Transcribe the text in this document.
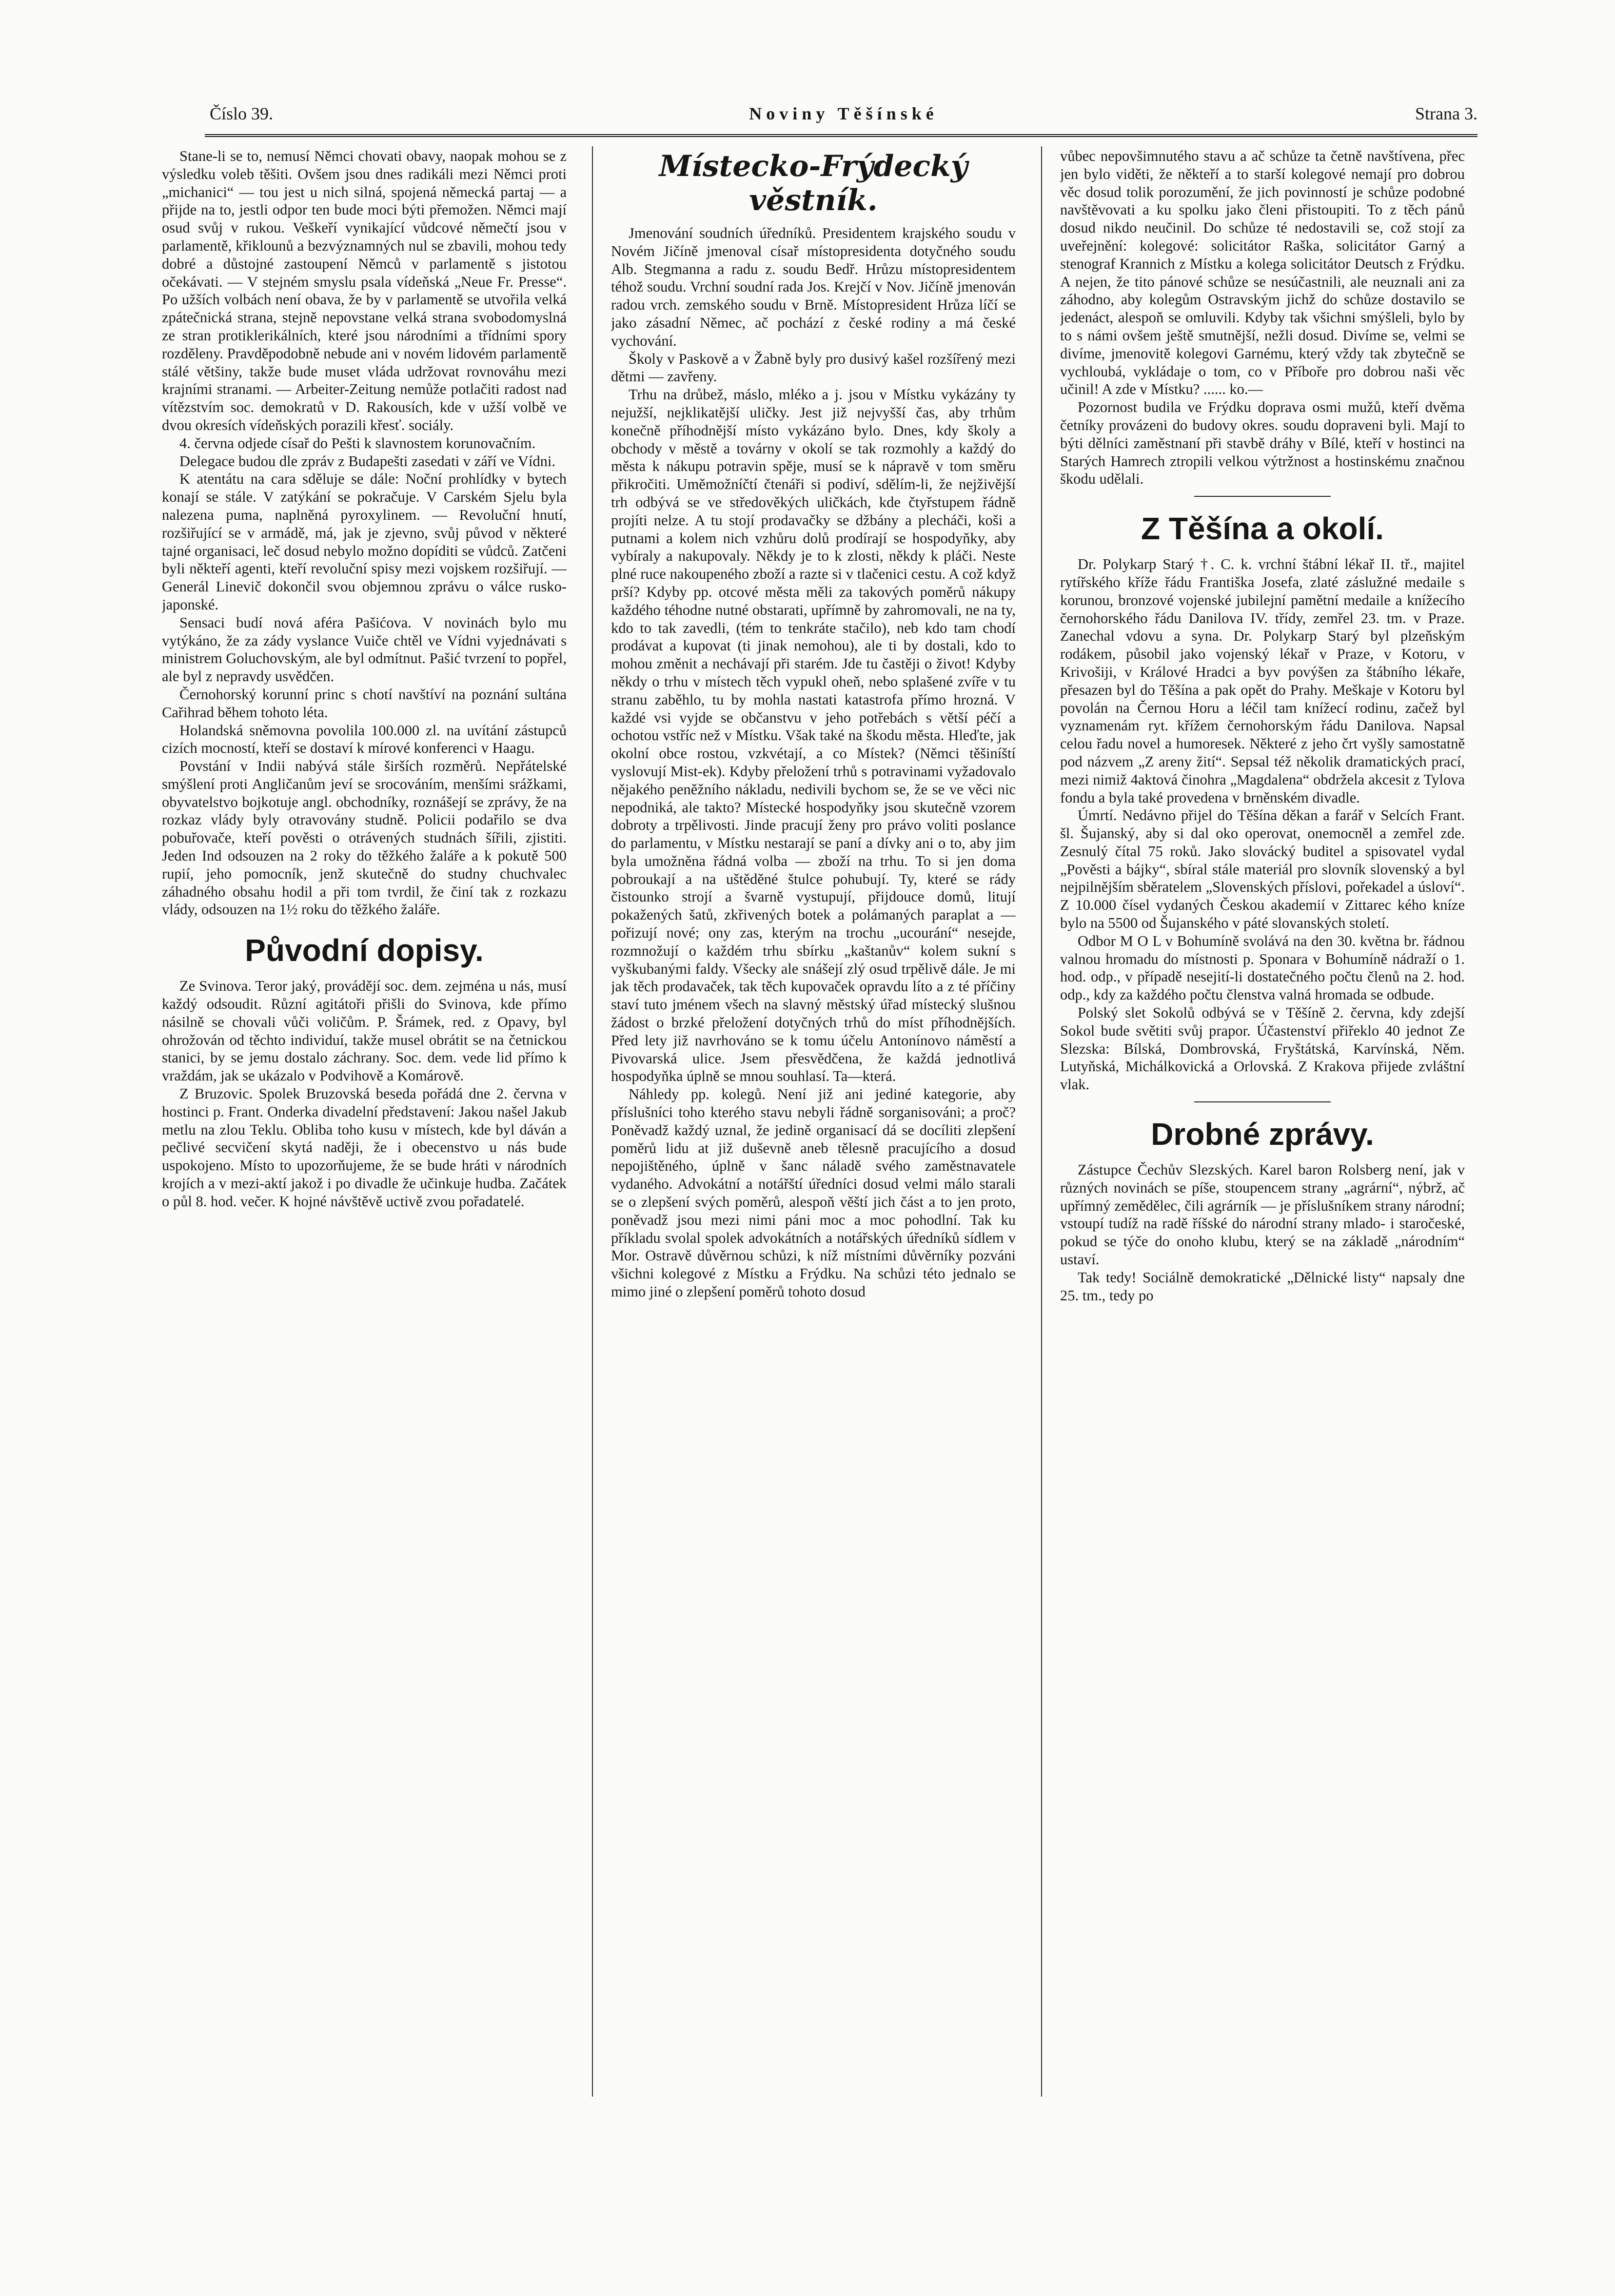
Číslo 39.	Noviny Těšínské	Strana 3.

Stane-li se to, nemusí Němci chovati obavy, naopak mohou se z výsledku voleb těšiti. Ovšem jsou dnes radikáli mezi Němci proti „michanici“ — tou jest u nich silná, spojená německá partaj — a přijde na to, jestli odpor ten bude moci býti přemožen. Němci mají osud svůj v rukou. Veškeří vynikající vůdcové němečtí jsou v parlamentě, křiklounů a bezvýznamných nul se zbavili, mohou tedy dobré a důstojné zastoupení Němců v parlamentě s jistotou očekávati. — V stejném smyslu psala vídeňská „Neue Fr. Presse“. Po užších volbách není obava, že by v parlamentě se utvořila velká zpátečnická strana, stejně nepovstane velká strana svobodomyslná ze stran protiklerikálních, které jsou národními a třídními spory rozděleny. Pravděpodobně nebude ani v novém lidovém parlamentě stálé většiny, takže bude muset vláda udržovat rovnováhu mezi krajními stranami. — Arbeiter-Zeitung nemůže potlačiti radost nad vítězstvím soc. demokratů v D. Rakousích, kde v užší volbě ve dvou okresích vídeňských porazili křesť. sociály.

4. června odjede císař do Pešti k slavnostem korunovačním.

Delegace budou dle zpráv z Budapešti zasedati v září ve Vídni.

K atentátu na cara sděluje se dále: Noční prohlídky v bytech konají se stále. V zatýkání se pokračuje. V Carském Sjelu byla nalezena puma, naplněná pyroxylinem. — Revoluční hnutí, rozšiřující se v armádě, má, jak je zjevno, svůj původ v některé tajné organisaci, leč dosud nebylo možno dopíditi se vůdců. Zatčeni byli někteří agenti, kteří revoluční spisy mezi vojskem rozšiřují. — Generál Linevič dokončil svou objemnou zprávu o válce rusko-japonské.

Sensaci budí nová aféra Pašićova. V novinách bylo mu vytýkáno, že za zády vyslance Vuiče chtěl ve Vídni vyjednávati s ministrem Goluchovským, ale byl odmítnut. Pašić tvrzení to popřel, ale byl z nepravdy usvědčen.

Černohorský korunní princ s chotí navštíví na poznání sultána Cařihrad během tohoto léta.

Holandská sněmovna povolila 100.000 zl. na uvítání zástupců cizích mocností, kteří se dostaví k mírové konferenci v Haagu.

Povstání v Indii nabývá stále širších rozměrů. Nepřátelské smýšlení proti Angličanům jeví se srocováním, menšími srážkami, obyvatelstvo bojkotuje angl. obchodníky, roznášejí se zprávy, že na rozkaz vlády byly otravovány studně. Policii podařilo se dva pobuřovače, kteří pověsti o otrávených studnách šířili, zjistiti. Jeden Ind odsouzen na 2 roky do těžkého žaláře a k pokutě 500 rupií, jeho pomocník, jenž skutečně do studny chuchvalec záhadného obsahu hodil a při tom tvrdil, že činí tak z rozkazu vlády, odsouzen na 1½ roku do těžkého žaláře.

Původní dopisy.

Ze Svinova. Teror jaký, provádějí soc. dem. zejména u nás, musí každý odsoudit. Různí agitátoři přišli do Svinova, kde přímo násilně se chovali vůči voličům. P. Šrámek, red. z Opavy, byl ohrožován od těchto individuí, takže musel obrátit se na četnickou stanici, by se jemu dostalo záchrany. Soc. dem. vede lid přímo k vraždám, jak se ukázalo v Podvihově a Komárově.

Z Bruzovic. Spolek Bruzovská beseda pořádá dne 2. června v hostinci p. Frant. Onderka divadelní představení: Jakou našel Jakub metlu na zlou Teklu. Obliba toho kusu v místech, kde byl dáván a pečlivé secvičení skytá naději, že i obecenstvo u nás bude uspokojeno. Místo to upozorňujeme, že se bude hráti v národních krojích a v mezi-aktí jakož i po divadle že učinkuje hudba. Začátek o půl 8. hod. večer. K hojné návštěvě uctivě zvou pořadatelé.

Místecko-Frýdecký věstník.

Jmenování soudních úředníků. Presidentem krajského soudu v Novém Jičíně jmenoval císař místopresidenta dotyčného soudu Alb. Stegmanna a radu z. soudu Bedř. Hrůzu místopresidentem téhož soudu. Vrchní soudní rada Jos. Krejčí v Nov. Jičíně jmenován radou vrch. zemského soudu v Brně. Místopresident Hrůza líčí se jako zásadní Němec, ač pochází z české rodiny a má české vychování.

Školy v Paskově a v Žabně byly pro dusivý kašel rozšířený mezi dětmi — zavřeny.

Trhu na drůbež, máslo, mléko a j. jsou v Místku vykázány ty nejužší, nejklikatější uličky. Jest již nejvyšší čas, aby trhům konečně příhodnější místo vykázáno bylo. Dnes, kdy školy a obchody v městě a továrny v okolí se tak rozmohly a každý do města k nákupu potravin spěje, musí se k nápravě v tom směru přikročiti. Uměmožníčtí čtenáři si podiví, sdělím-li, že nejživější trh odbývá se ve středověkých uličkách, kde čtyřstupem řádně projíti nelze. A tu stojí prodavačky se džbány a plecháči, koši a putnami a kolem nich vzhůru dolů prodírají se hospodyňky, aby vybíraly a nakupovaly. Někdy je to k zlosti, někdy k pláči. Neste plné ruce nakoupeného zboží a razte si v tlačenici cestu. A což když prší? Kdyby pp. otcové města měli za takových poměrů nákupy každého téhodne nutné obstarati, upřímně by zahromovali, ne na ty, kdo to tak zavedli, (tém to tenkráte stačilo), neb kdo tam chodí prodávat a kupovat (ti jinak nemohou), ale ti by dostali, kdo to mohou změnit a nechávají při starém. Jde tu častěji o život! Kdyby někdy o trhu v místech těch vypukl oheň, nebo splašené zvíře v tu stranu zaběhlo, tu by mohla nastati katastrofa přímo hrozná. V každé vsi vyjde se občanstvu v jeho potřebách s větší péčí a ochotou vstříc než v Místku. Však také na škodu města. Hleďte, jak okolní obce rostou, vzkvétají, a co Místek? (Němci těšiníští vyslovují Mist-ek). Kdyby přeložení trhů s potravinami vyžadovalo nějakého peněžního nákladu, nedivili bychom se, že se ve věci nic nepodniká, ale takto? Místecké hospodyňky jsou skutečně vzorem dobroty a trpělivosti. Jinde pracují ženy pro právo voliti poslance do parlamentu, v Místku nestarají se paní a dívky ani o to, aby jim byla umožněna řádná volba — zboží na trhu. To si jen doma pobroukají a na uštěděné štulce pohubují. Ty, které se rády čistounko strojí a švarně vystupují, přijdouce domů, litují pokažených šatů, zkřivených botek a polámaných paraplat a — pořizují nové; ony zas, kterým na trochu „ucourání“ nesejde, rozmnožují o každém trhu sbírku „kaštanův“ kolem sukní s vyškubanými faldy. Všecky ale snášejí zlý osud trpělivě dále. Je mi jak těch prodavaček, tak těch kupovaček opravdu líto a z té příčiny staví tuto jménem všech na slavný městský úřad místecký slušnou žádost o brzké přeložení dotyčných trhů do míst příhodnějších. Před lety již navrhováno se k tomu účelu Antonínovo náměstí a Pivovarská ulice. Jsem přesvědčena, že každá jednotlivá hospodyňka úplně se mnou souhlasí. Ta—která.

Náhledy pp. kolegů. Není již ani jediné kategorie, aby příslušníci toho kterého stavu nebyli řádně sorganisováni; a proč? Poněvadž každý uznal, že jedině organisací dá se docíliti zlepšení poměrů lidu at již duševně aneb tělesně pracujícího a dosud nepojištěného, úplně v šanc náladě svého zaměstnavatele vydaného. Advokátní a notářští úředníci dosud velmi málo starali se o zlepšení svých poměrů, alespoň věští jich část a to jen proto, poněvadž jsou mezi nimi páni moc a moc pohodlní. Tak ku příkladu svolal spolek advokátních a notářských úředníků sídlem v Mor. Ostravě důvěrnou schůzi, k níž místními důvěrníky pozváni všichni kolegové z Místku a Frýdku. Na schůzi této jednalo se mimo jiné o zlepšení poměrů tohoto dosud

vůbec nepovšimnutého stavu a ač schůze ta četně navštívena, přec jen bylo viděti, že někteří a to starší kolegové nemají pro dobrou věc dosud tolik porozumění, že jich povinností je schůze podobné navštěvovati a ku spolku jako členi přistoupiti. To z těch pánů dosud nikdo neučinil. Do schůze té nedostavili se, což stojí za uveřejnění: kolegové: solicitátor Raška, solicitátor Garný a stenograf Krannich z Místku a kolega solicitátor Deutsch z Frýdku. A nejen, že tito pánové schůze se nesúčastnili, ale neuznali ani za záhodno, aby kolegům Ostravským jichž do schůze dostavilo se jedenáct, alespoň se omluvili. Kdyby tak všichni smýšleli, bylo by to s námi ovšem ještě smutnější, nežli dosud. Divíme se, velmi se divíme, jmenovitě kolegovi Garnému, který vždy tak zbytečně se vychloubá, vykládaje o tom, co v Příboře pro dobrou naši věc učinil! A zde v Místku? ...... ko.—

Pozornost budila ve Frýdku doprava osmi mužů, kteří dvěma četníky provázeni do budovy okres. soudu dopraveni byli. Mají to býti dělníci zaměstnaní při stavbě dráhy v Bílé, kteří v hostinci na Starých Hamrech ztropili velkou výtržnost a hostinskému značnou škodu udělali.

Z Těšína a okolí.

Dr. Polykarp Starý †. C. k. vrchní štábní lékař II. tř., majitel rytířského kříže řádu Františka Josefa, zlaté záslužné medaile s korunou, bronzové vojenské jubilejní pamětní medaile a knížecího černohorského řádu Danilova IV. třídy, zemřel 23. tm. v Praze. Zanechal vdovu a syna. Dr. Polykarp Starý byl plzeňským rodákem, působil jako vojenský lékař v Praze, v Kotoru, v Krivošiji, v Králové Hradci a byv povýšen za štábního lékaře, přesazen byl do Těšína a pak opět do Prahy. Meškaje v Kotoru byl povolán na Černou Horu a léčil tam knížecí rodinu, začež byl vyznamenám ryt. křížem černohorským řádu Danilova. Napsal celou řadu novel a humoresek. Některé z jeho črt vyšly samostatně pod názvem „Z areny žití“. Sepsal též několik dramatických prací, mezi nimiž 4aktová činohra „Magdalena“ obdržela akcesit z Tylova fondu a byla také provedena v brněnském divadle.

Úmrtí. Nedávno přijel do Těšína děkan a farář v Selcích Frant. šl. Šujanský, aby si dal oko operovat, onemocněl a zemřel zde. Zesnulý čítal 75 roků. Jako slovácký buditel a spisovatel vydal „Pověsti a bájky“, sbíral stále materiál pro slovník slovenský a byl nejpilnějším sběratelem „Slovenských příslovi, pořekadel a úsloví“. Z 10.000 čísel vydaných Českou akademií v Zittarec kého kníze bylo na 5500 od Šujanského v páté slovanských století.

Odbor M O L v Bohumíně svolává na den 30. května br. řádnou valnou hromadu do místnosti p. Sponara v Bohumíně nádraží o 1. hod. odp., v případě nesejití-li dostatečného počtu členů na 2. hod. odp., kdy za každého počtu členstva valná hromada se odbude.

Polský slet Sokolů odbývá se v Těšíně 2. června, kdy zdejší Sokol bude světiti svůj prapor. Účastenství přiřeklo 40 jednot Ze Slezska: Bílská, Dombrovská, Fryštátská, Karvínská, Něm. Lutyňská, Michálkovická a Orlovská. Z Krakova přijede zvláštní vlak.

Drobné zprávy.

Zástupce Čechův Slezských. Karel baron Rolsberg není, jak v různých novinách se píše, stoupencem strany „agrární“, nýbrž, ač upřímný zemědělec, čili agrárník — je příslušníkem strany národní; vstoupí tudíž na radě říšské do národní strany mlado- i staročeské, pokud se týče do onoho klubu, který se na základě „národním“ ustaví.

Tak tedy! Sociálně demokratické „Dělnické listy“ napsaly dne 25. tm., tedy po
